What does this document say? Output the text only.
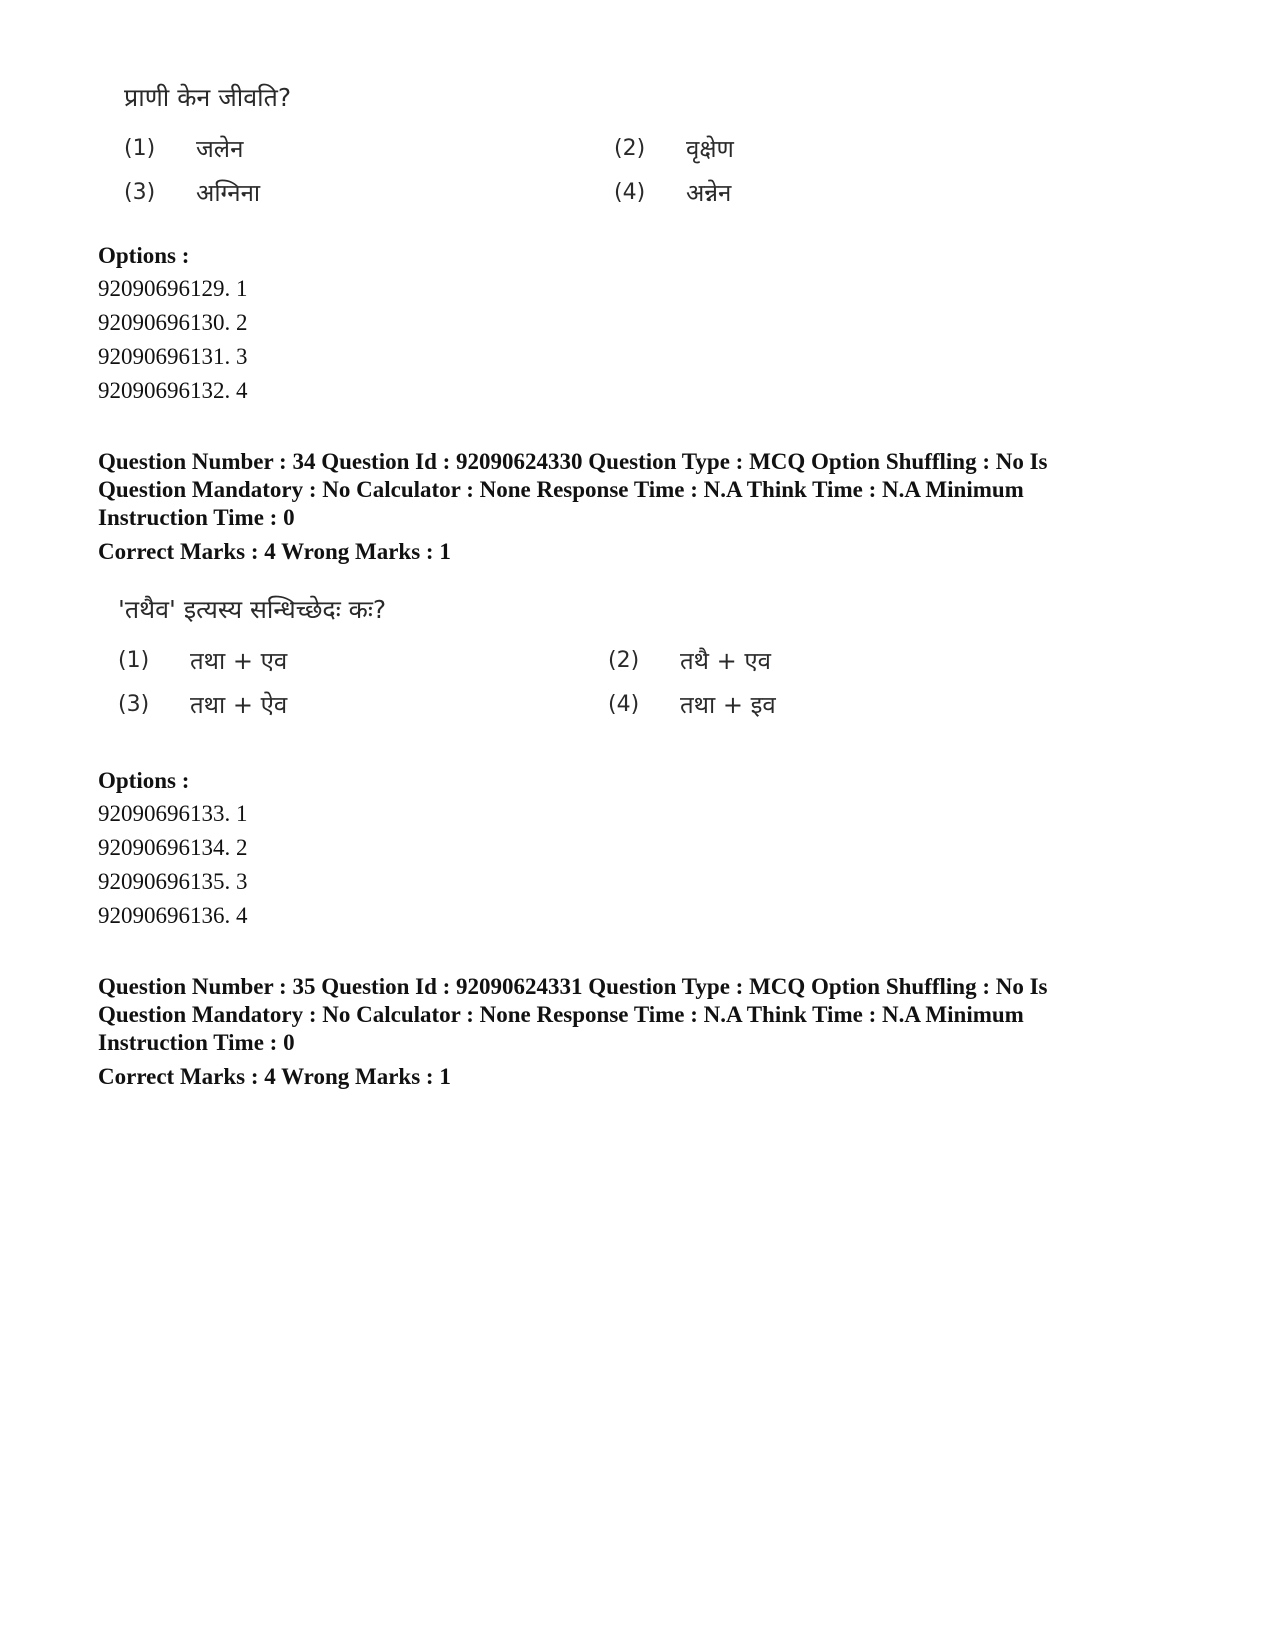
प्राणी केन जीवति?
(1)	जलेन	(2)	वृक्षेण
(3)	अग्निना	(4)	अन्नेन
Options :
92090696129. 1
92090696130. 2
92090696131. 3
92090696132. 4
Question Number : 34 Question Id : 92090624330 Question Type : MCQ Option Shuffling : No Is
Question Mandatory : No Calculator : None Response Time : N.A Think Time : N.A Minimum
Instruction Time : 0
Correct Marks : 4 Wrong Marks : 1
'तथैव' इत्यस्य सन्धिच्छेदः कः?
(1)	तथा + एव	(2)	तथै + एव
(3)	तथा + ऐव	(4)	तथा + इव
Options :
92090696133. 1
92090696134. 2
92090696135. 3
92090696136. 4
Question Number : 35 Question Id : 92090624331 Question Type : MCQ Option Shuffling : No Is
Question Mandatory : No Calculator : None Response Time : N.A Think Time : N.A Minimum
Instruction Time : 0
Correct Marks : 4 Wrong Marks : 1
